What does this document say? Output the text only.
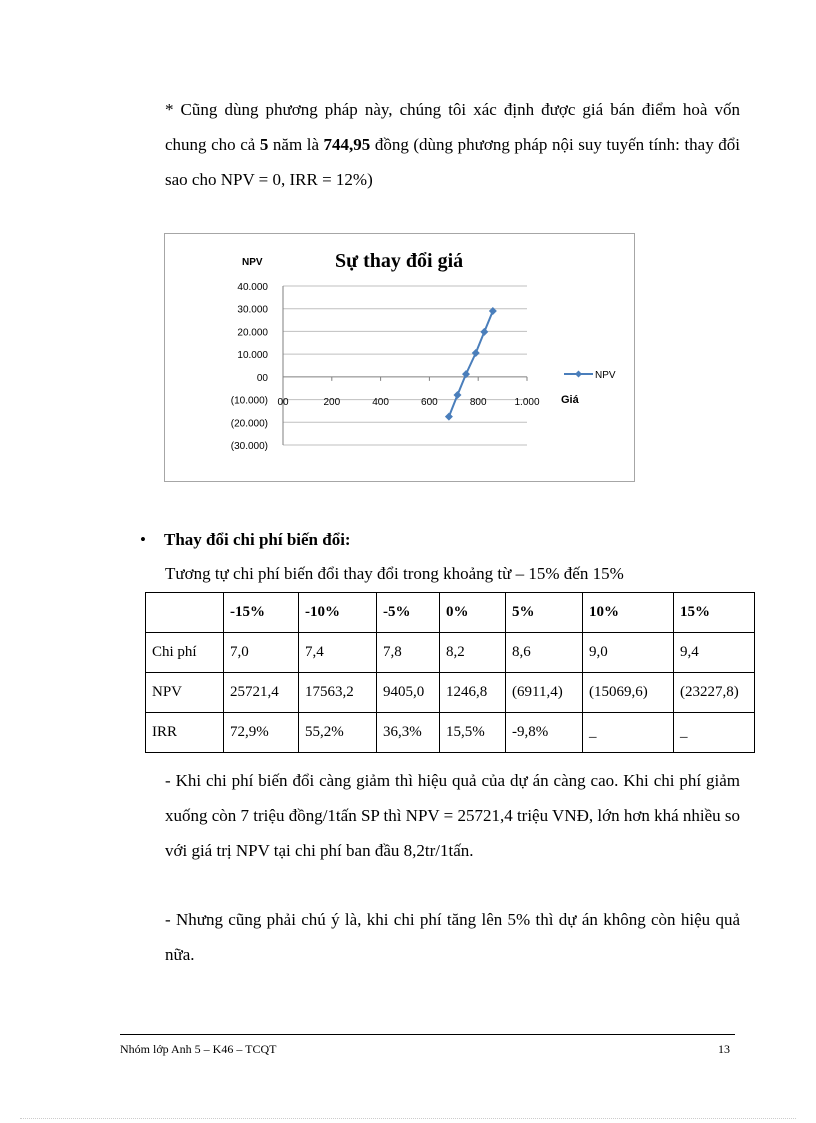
* Cũng dùng phương pháp này, chúng tôi xác định được giá bán điểm hoà vốn chung cho cả 5 năm là 744,95 đồng (dùng phương pháp nội suy tuyến tính: thay đổi sao cho NPV = 0, IRR = 12%)
Sự thay đổi giá
NPV
40.000
30.000
20.000
10.000
00
(10.000)
(20.000)
(30.000)
00	200	400	600	800	1.000 Giá
NPV
• Thay đổi chi phí biến đổi:
Tương tự chi phí biến đổi thay đổi trong khoảng từ – 15% đến 15%
	-15%	-10%	-5%	0%	5%	10%	15%
Chi phí	7,0	7,4	7,8	8,2	8,6	9,0	9,4
NPV	25721,4	17563,2	9405,0	1246,8	(6911,4)	(15069,6)	(23227,8)
IRR	72,9%	55,2%	36,3%	15,5%	-9,8%	_	_
- Khi chi phí biến đổi càng giảm thì hiệu quả của dự án càng cao. Khi chi phí giảm xuống còn 7 triệu đồng/1tấn SP thì NPV = 25721,4 triệu VNĐ, lớn hơn khá nhiều so với giá trị NPV tại chi phí ban đầu 8,2tr/1tấn.
- Nhưng cũng phải chú ý là, khi chi phí tăng lên 5% thì dự án không còn hiệu quả nữa.
Nhóm lớp Anh 5 – K46 – TCQT	13
